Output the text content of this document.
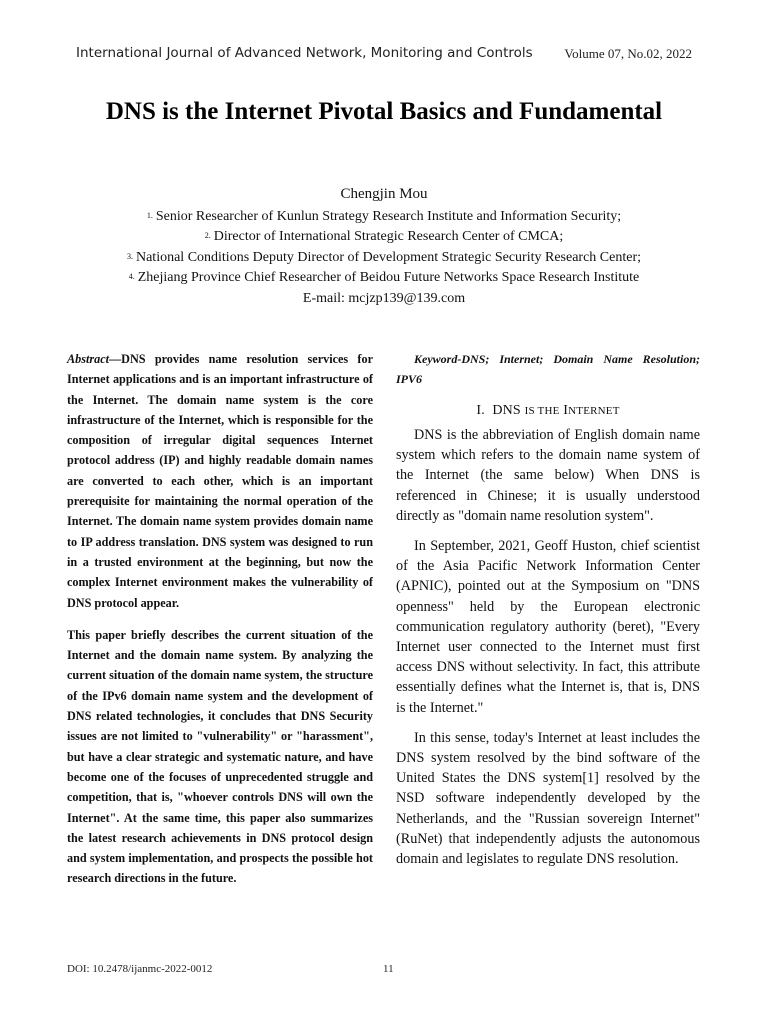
International Journal of Advanced Network, Monitoring and Controls Volume 07, No.02, 2022
DNS is the Internet Pivotal Basics and Fundamental
Chengjin Mou
$^{1.}$ Senior Researcher of Kunlun Strategy Research Institute and Information Security;
$^{2.}$ Director of International Strategic Research Center of CMCA;
$^{3.}$ National Conditions Deputy Director of Development Strategic Security Research Center;
$^{4.}$ Zhejiang Province Chief Researcher of Beidou Future Networks Space Research Institute
E-mail: mcjzp139@139.com

Abstract—DNS provides name resolution services for Internet applications and is an important infrastructure of the Internet. The domain name system is the core infrastructure of the Internet, which is responsible for the composition of irregular digital sequences Internet protocol address (IP) and highly readable domain names are converted to each other, which is an important prerequisite for maintaining the normal operation of the Internet. The domain name system provides domain name to IP address translation. DNS system was designed to run in a trusted environment at the beginning, but now the complex Internet environment makes the vulnerability of DNS protocol appear.

This paper briefly describes the current situation of the Internet and the domain name system. By analyzing the current situation of the domain name system, the structure of the IPv6 domain name system and the development of DNS related technologies, it concludes that DNS Security issues are not limited to "vulnerability" or "harassment", but have a clear strategic and systematic nature, and have become one of the focuses of unprecedented struggle and competition, that is, "whoever controls DNS will own the Internet". At the same time, this paper also summarizes the latest research achievements in DNS protocol design and system implementation, and prospects the possible hot research directions in the future.

Keyword-DNS; Internet; Domain Name Resolution; IPV6

I. DNS IS THE INTERNET

DNS is the abbreviation of English domain name system which refers to the domain name system of the Internet (the same below) When DNS is referenced in Chinese; it is usually understood directly as "domain name resolution system".

In September, 2021, Geoff Huston, chief scientist of the Asia Pacific Network Information Center (APNIC), pointed out at the Symposium on "DNS openness" held by the European electronic communication regulatory authority (beret), "Every Internet user connected to the Internet must first access DNS without selectivity. In fact, this attribute essentially defines what the Internet is, that is, DNS is the Internet."

In this sense, today's Internet at least includes the DNS system resolved by the bind software of the United States the DNS system[1] resolved by the NSD software independently developed by the Netherlands, and the "Russian sovereign Internet"(RuNet) that independently adjusts the autonomous domain and legislates to regulate DNS resolution.

DOI: 10.2478/ijanmc-2022-0012	11
